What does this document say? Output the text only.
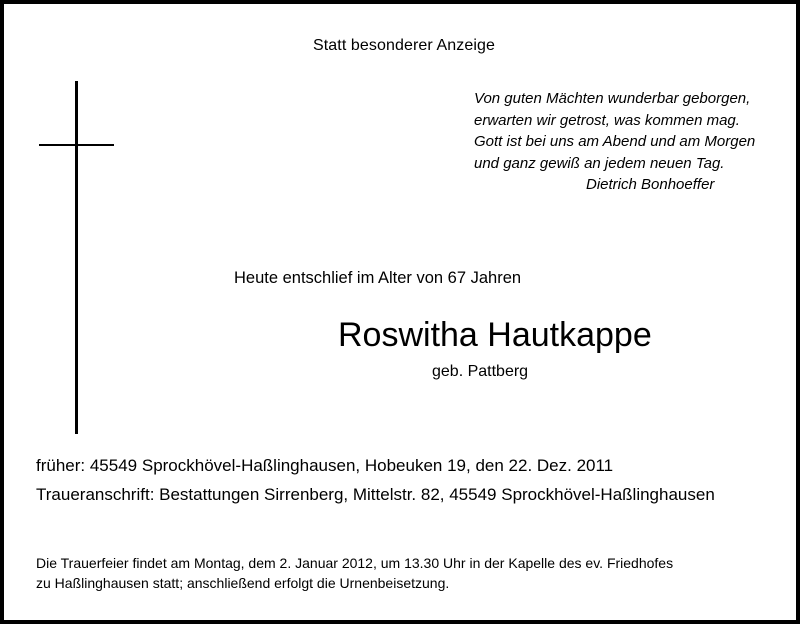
Statt besonderer Anzeige
Von guten Mächten wunderbar geborgen,
erwarten wir getrost, was kommen mag.
Gott ist bei uns am Abend und am Morgen
und ganz gewiß an jedem neuen Tag.
Dietrich Bonhoeffer
Heute entschlief im Alter von 67 Jahren
Roswitha Hautkappe
geb. Pattberg
früher: 45549 Sprockhövel-Haßlinghausen, Hobeuken 19, den 22. Dez. 2011
Traueranschrift: Bestattungen Sirrenberg, Mittelstr. 82, 45549 Sprockhövel-Haßlinghausen
Die Trauerfeier findet am Montag, dem 2. Januar 2012, um 13.30 Uhr in der Kapelle des ev. Friedhofes
zu Haßlinghausen statt; anschließend erfolgt die Urnenbeisetzung.
